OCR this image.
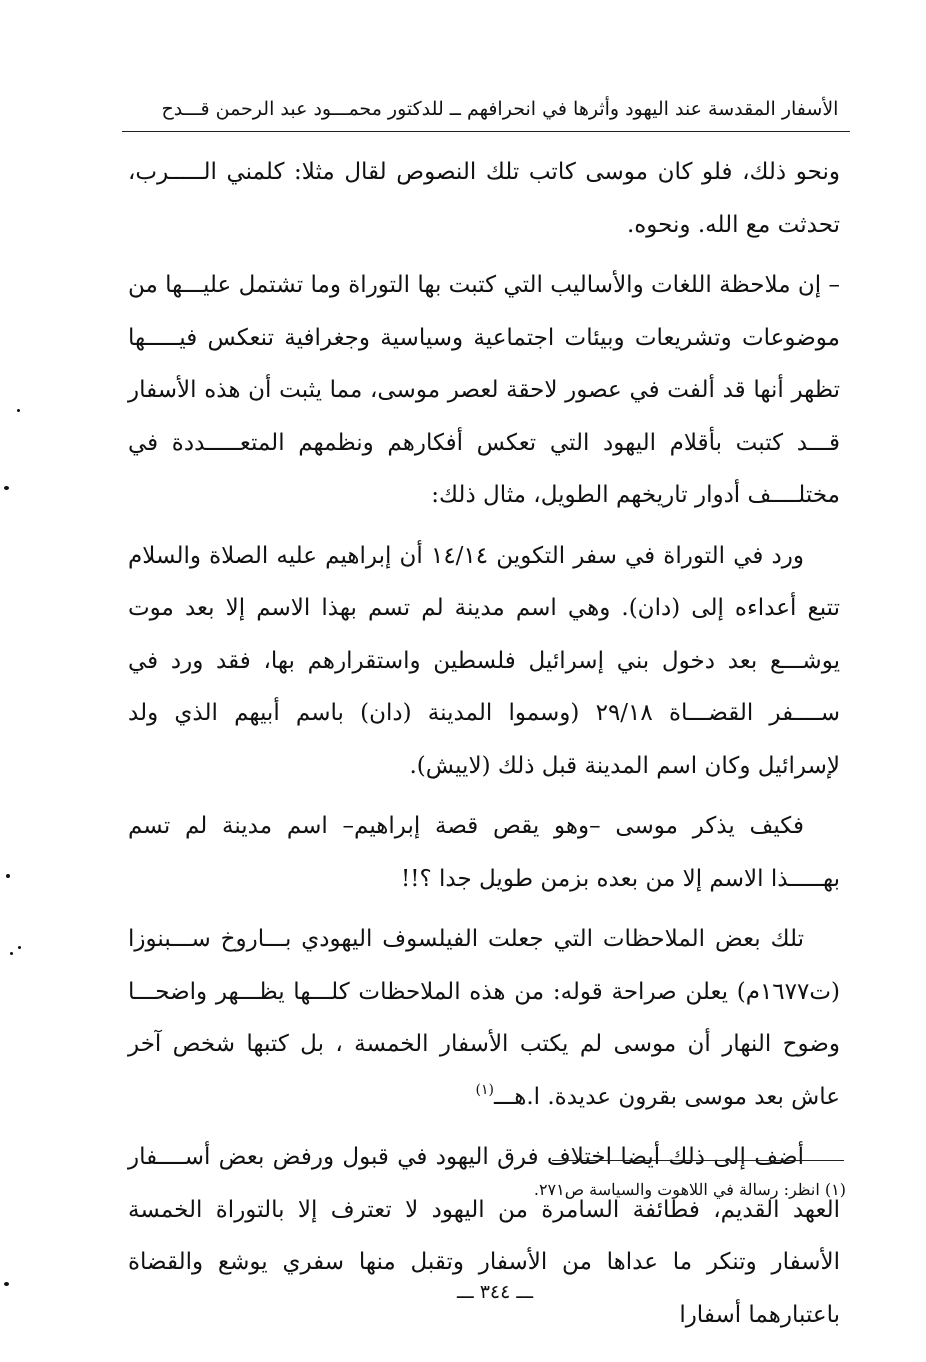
الأسفار المقدسة عند اليهود وأثرها في انحرافهم ــ للدكتور محمـــود عبد الرحمن قـــدح

ونحو ذلك، فلو كان موسى كاتب تلك النصوص لقال مثلا: كلمني الـــــرب، تحدثت مع الله. ونحوه.

– إن ملاحظة اللغات والأساليب التي كتبت بها التوراة وما تشتمل عليـــها من موضوعات وتشريعات وبيئات اجتماعية وسياسية وجغرافية تنعكس فيـــــها تظهر أنها قد ألفت في عصور لاحقة لعصر موسى، مما يثبت أن هذه الأسفار قـــد كتبت بأقلام اليهود التي تعكس أفكارهم ونظمهم المتعـــــددة في مختلــــف أدوار تاريخهم الطويل، مثال ذلك:

ورد في التوراة في سفر التكوين ١٤/١٤ أن إبراهيم عليه الصلاة والسلام تتبع أعداءه إلى (دان). وهي اسم مدينة لم تسم بهذا الاسم إلا بعد موت يوشـــع بعد دخول بني إسرائيل فلسطين واستقرارهم بها، فقد ورد في ســــفر القضـــاة ٢٩/١٨ (وسموا المدينة (دان) باسم أبيهم الذي ولد لإسرائيل وكان اسم المدينة قبل ذلك (لاييش).

فكيف يذكر موسى –وهو يقص قصة إبراهيم– اسم مدينة لم تسم بهـــــذا الاسم إلا من بعده بزمن طويل جدا ؟!!

تلك بعض الملاحظات التي جعلت الفيلسوف اليهودي بـــاروخ ســـبنوزا (ت١٦٧٧م) يعلن صراحة قوله: من هذه الملاحظات كلـــها يظـــهر واضحـــا وضوح النهار أن موسى لم يكتب الأسفار الخمسة ، بل كتبها شخص آخر عاش بعد موسى بقرون عديدة. ا.هـــ$^{(١)}$

أضف إلى ذلك أيضا اختلاف فرق اليهود في قبول ورفض بعض أســــفار العهد القديم، فطائفة السامرة من اليهود لا تعترف إلا بالتوراة الخمسة الأسفار وتنكر ما عداها من الأسفار وتقبل منها سفري يوشع والقضاة باعتبارهما أسفارا

(١) انظر: رسالة في اللاهوت والسياسة ص٢٧١.
ـــ ٣٤٤ ـــ
